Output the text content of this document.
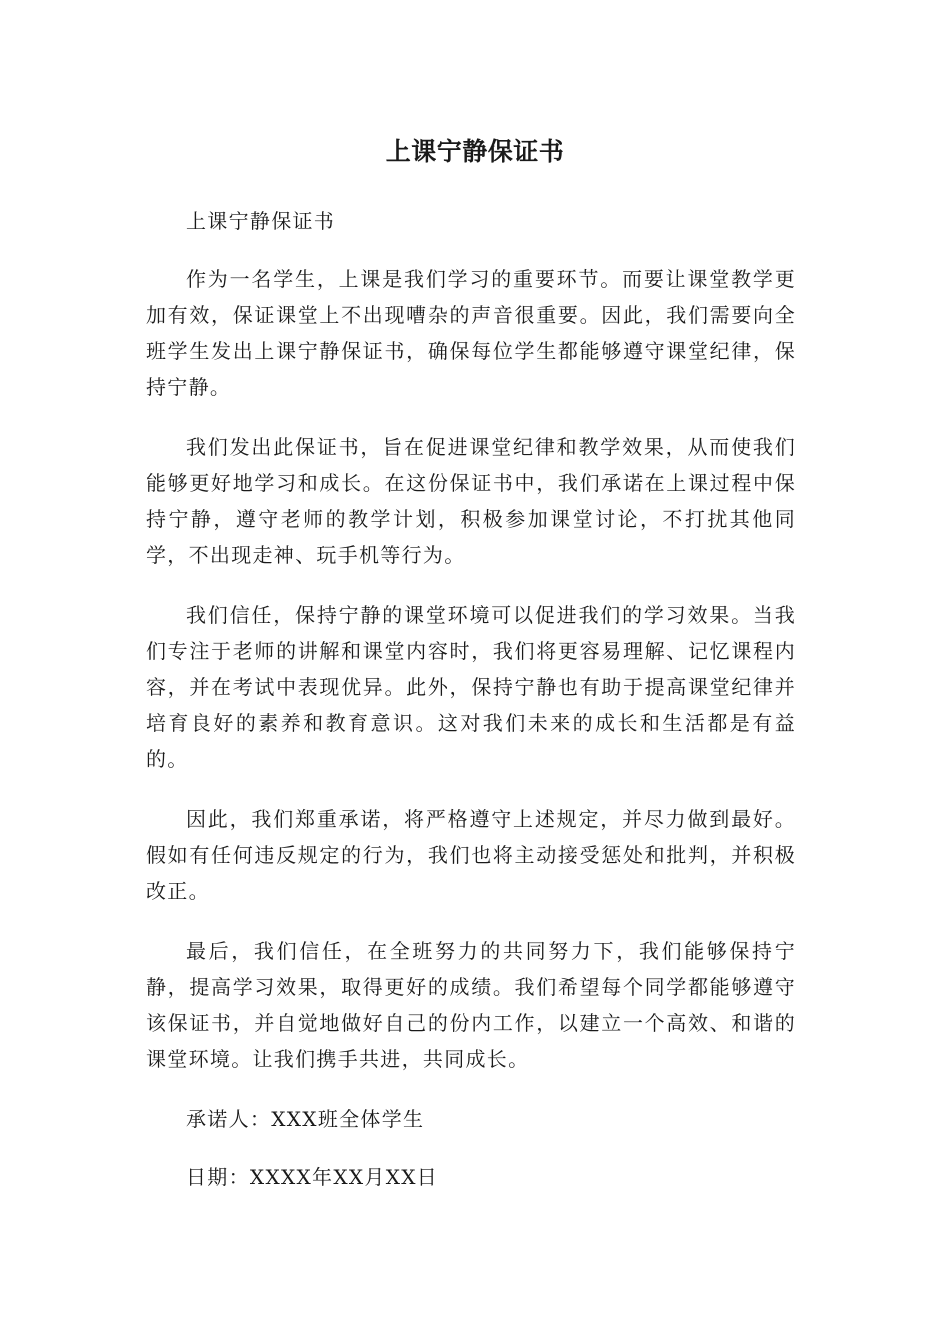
上课宁静保证书

上课宁静保证书

作为一名学生，上课是我们学习的重要环节。而要让课堂教学更加有效，保证课堂上不出现嘈杂的声音很重要。因此，我们需要向全班学生发出上课宁静保证书，确保每位学生都能够遵守课堂纪律，保持宁静。

我们发出此保证书，旨在促进课堂纪律和教学效果，从而使我们能够更好地学习和成长。在这份保证书中，我们承诺在上课过程中保持宁静，遵守老师的教学计划，积极参加课堂讨论，不打扰其他同学，不出现走神、玩手机等行为。

我们信任，保持宁静的课堂环境可以促进我们的学习效果。当我们专注于老师的讲解和课堂内容时，我们将更容易理解、记忆课程内容，并在考试中表现优异。此外，保持宁静也有助于提高课堂纪律并培育良好的素养和教育意识。这对我们未来的成长和生活都是有益的。

因此，我们郑重承诺，将严格遵守上述规定，并尽力做到最好。假如有任何违反规定的行为，我们也将主动接受惩处和批判，并积极改正。

最后，我们信任，在全班努力的共同努力下，我们能够保持宁静，提高学习效果，取得更好的成绩。我们希望每个同学都能够遵守该保证书，并自觉地做好自己的份内工作，以建立一个高效、和谐的课堂环境。让我们携手共进，共同成长。

承诺人：XXX班全体学生

日期：XXXX年XX月XX日
